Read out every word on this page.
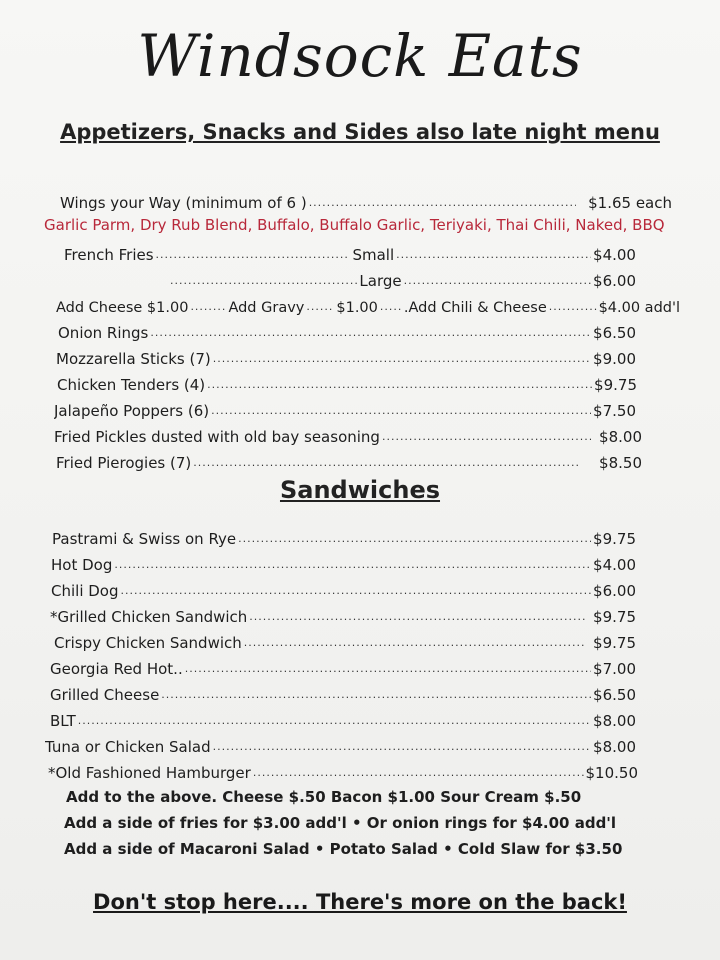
Windsock Eats
Appetizers, Snacks and Sides also late night menu
Wings your Way (minimum of 6 ) .....	$1.65 each
Garlic Parm, Dry Rub Blend, Buffalo, Buffalo Garlic, Teriyaki, Thai Chili, Naked, BBQ
French Fries .....	Small .....	$4.00
.....
Large .....	$6.00
Add Cheese $1.00 .....	Add Gravy ..... $1.00 ..... .Add Chili & Cheese .....	$4.00 add'l
Onion Rings .....	$6.50
Mozzarella Sticks (7) .....	$9.00
Chicken Tenders (4) .....	$9.75
Jalapeño Poppers (6) .....	$7.50
Fried Pickles dusted with old bay seasoning .....	$8.00
Fried Pierogies (7) .....	$8.50
Sandwiches
Pastrami & Swiss on Rye .....	$9.75
Hot Dog .....	$4.00
Chili Dog .....	$6.00
*Grilled Chicken Sandwich .....	$9.75
Crispy Chicken Sandwich .....	$9.75
Georgia Red Hot.. .....	$7.00
Grilled Cheese .....	$6.50
BLT .....	$8.00
Tuna or Chicken Salad .....	$8.00
*Old Fashioned Hamburger .....	$10.50
Add to the above. Cheese $.50 Bacon $1.00 Sour Cream $.50
Add a side of fries for $3.00 add'l • Or onion rings for $4.00 add'l
Add a side of Macaroni Salad • Potato Salad • Cold Slaw for $3.50
Don't stop here.... There's more on the back!
